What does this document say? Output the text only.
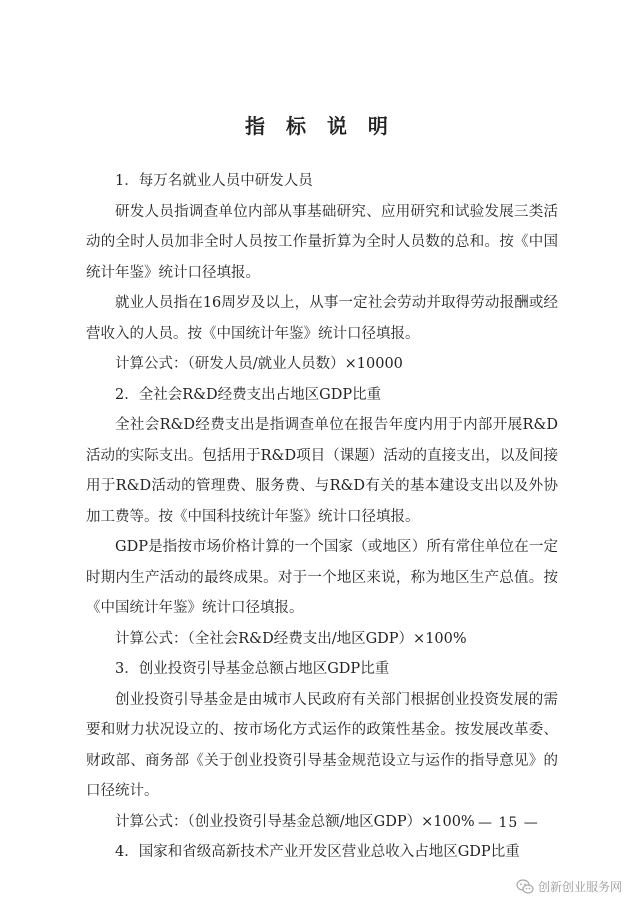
指 标 说 明

1．每万名就业人员中研发人员

研发人员指调查单位内部从事基础研究、应用研究和试验发展三类活动的全时人员加非全时人员按工作量折算为全时人员数的总和。按《中国统计年鉴》统计口径填报。

就业人员指在16周岁及以上，从事一定社会劳动并取得劳动报酬或经营收入的人员。按《中国统计年鉴》统计口径填报。

计算公式：（研发人员/就业人员数）×10000

2．全社会R&D经费支出占地区GDP比重

全社会R&D经费支出是指调查单位在报告年度内用于内部开展R&D活动的实际支出。包括用于R&D项目（课题）活动的直接支出，以及间接用于R&D活动的管理费、服务费、与R&D有关的基本建设支出以及外协加工费等。按《中国科技统计年鉴》统计口径填报。

GDP是指按市场价格计算的一个国家（或地区）所有常住单位在一定时期内生产活动的最终成果。对于一个地区来说，称为地区生产总值。按《中国统计年鉴》统计口径填报。

计算公式：（全社会R&D经费支出/地区GDP）×100%

3．创业投资引导基金总额占地区GDP比重

创业投资引导基金是由城市人民政府有关部门根据创业投资发展的需要和财力状况设立的、按市场化方式运作的政策性基金。按发展改革委、财政部、商务部《关于创业投资引导基金规范设立与运作的指导意见》的口径统计。

计算公式：（创业投资引导基金总额/地区GDP）×100%

4．国家和省级高新技术产业开发区营业总收入占地区GDP比重

— 15 —
创新创业服务网
